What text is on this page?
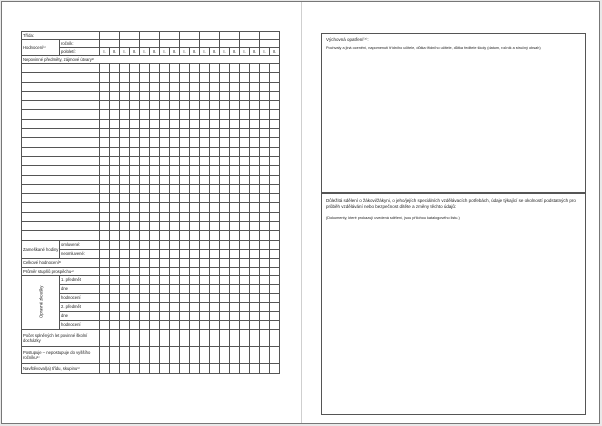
Třída:																			
Hodnocení¹⁾	ročník:																		
	pololetí:	I.	II.	I.	II.	I.	II.	I.	II.	I.	II.	I.	II.	I.	II.	I.	II.	I.	II.
Nepovinné předměty, zájmové útvary²⁾																			

Zameškané hodiny	omluvené:																		
	neomluvené:																		
Celkové hodnocení³⁾																			
Průměr stupňů prospěchu⁴⁾																			
Opravné zkoušky	1. předmět																		
	dne																		
	hodnocení																		
	2. předmět																		
	dne																		
	hodnocení																		
Počet splněných let povinné školní docházky																			
Postupuje – nepostupuje do vyššího ročníku⁵⁾																			
Navštěvoval(a) třídu, skupinu⁶⁾																			
Výchovná opatření⁽⁷⁾:
Pochvaly a jiná ocenění, napomenutí třídního učitele, důtka třídního učitele, důtka ředitele školy (datum, ročník a stručný obsah)
Důležitá sdělení o žákovi/žákyni, o jeho/jejích speciálních vzdělávacích potřebách, údaje týkající se okolností podstatných pro průběh vzdělávání nebo bezpečnost dítěte a změny těchto údajů:
(Dokumenty, které prokazují uvedená sdělení, jsou přílohou katalogového listu.)
